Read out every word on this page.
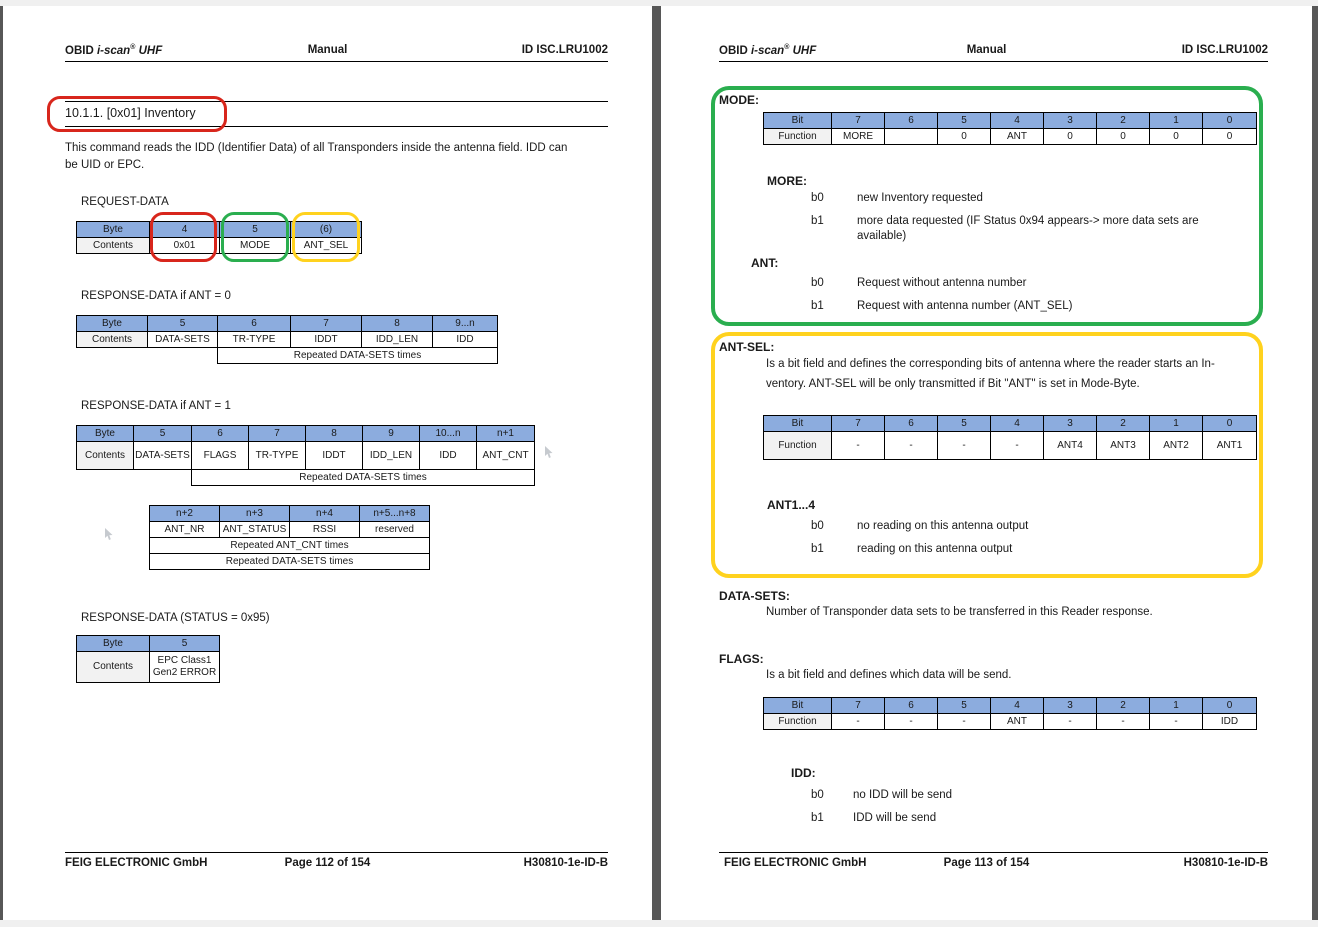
OBID i-scan® UHF	Manual	ID ISC.LRU1002
10.1.1. [0x01] Inventory
This command reads the IDD (Identifier Data) of all Transponders inside the antenna field. IDD can
be UID or EPC.
REQUEST-DATA
Byte	4	5	(6)
Contents	0x01	MODE	ANT_SEL
RESPONSE-DATA if ANT = 0
Byte	5	6	7	8	9...n
Contents	DATA-SETS	TR-TYPE	IDDT	IDD_LEN	IDD
		Repeated DATA-SETS times			
RESPONSE-DATA if ANT = 1
Byte	5	6	7	8	9	10...n	n+1
Contents	DATA-SETS	FLAGS	TR-TYPE	IDDT	IDD_LEN	IDD	ANT_CNT
		Repeated DATA-SETS times					
n+2	n+3	n+4	n+5...n+8
ANT_NR	ANT_STATUS	RSSI	reserved
Repeated ANT_CNT times			
Repeated DATA-SETS times			
RESPONSE-DATA (STATUS = 0x95)
Byte	5
Contents	EPC Class1 Gen2 ERROR
FEIG ELECTRONIC GmbH	Page 112 of 154	H30810-1e-ID-B
OBID i-scan® UHF	Manual	ID ISC.LRU1002
MODE:
Bit	7	6	5	4	3	2	1	0
Function	MORE		0	ANT	0	0	0	0
MORE:
b0	new Inventory requested
b1	more data requested (IF Status 0x94 appears-> more data sets are
available)
ANT:
b0	Request without antenna number
b1	Request with antenna number (ANT_SEL)
ANT-SEL:
Is a bit field and defines the corresponding bits of antenna where the reader starts an In-
ventory. ANT-SEL will be only transmitted if Bit "ANT" is set in Mode-Byte.
Bit	7	6	5	4	3	2	1	0
Function	-	-	-	-	ANT4	ANT3	ANT2	ANT1
ANT1...4
b0	no reading on this antenna output
b1	reading on this antenna output
DATA-SETS:
Number of Transponder data sets to be transferred in this Reader response.
FLAGS:
Is a bit field and defines which data will be send.
Bit	7	6	5	4	3	2	1	0
Function	-	-	-	ANT	-	-	-	IDD
IDD:
b0	no IDD will be send
b1	IDD will be send
FEIG ELECTRONIC GmbH	Page 113 of 154	H30810-1e-ID-B
